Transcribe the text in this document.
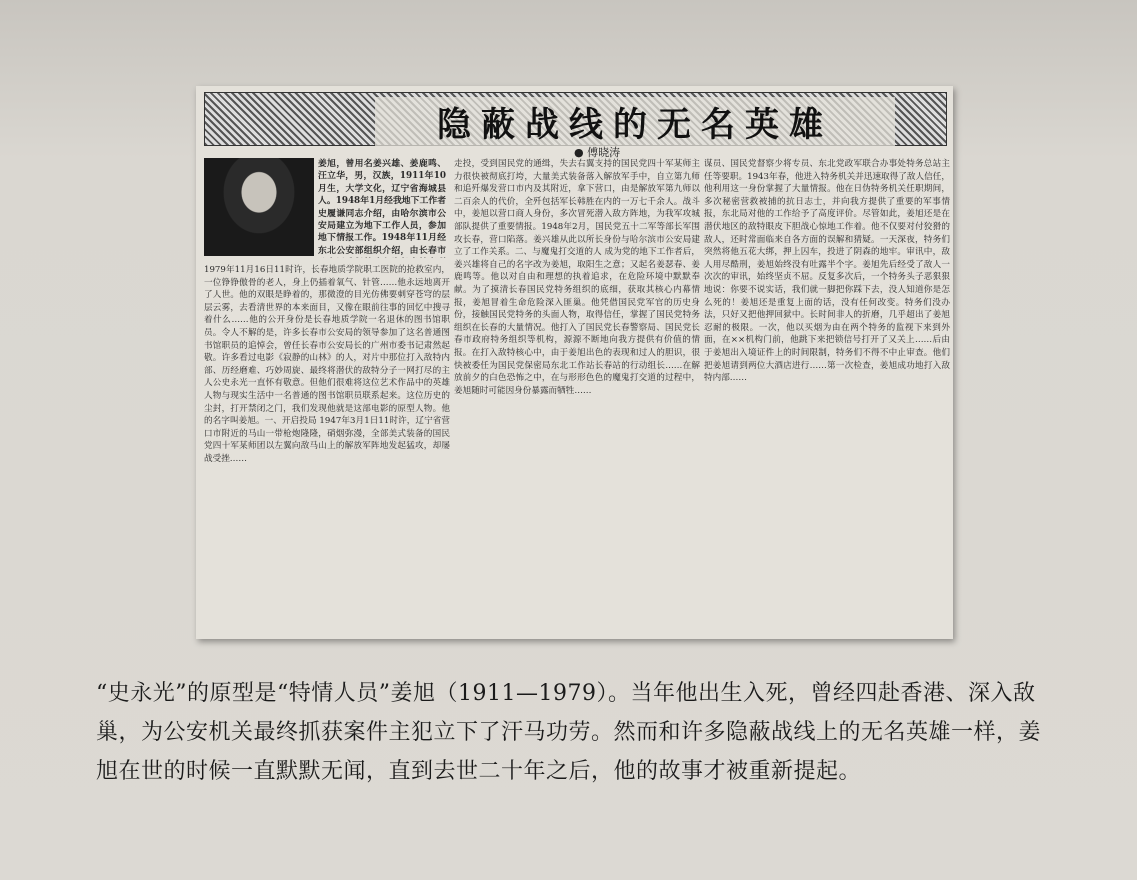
隐蔽战线的无名英雄
● 傅晓涛

姜旭，曾用名姜兴雄、姜鹿鸣、汪立华，男，汉族，1911年10月生，大学文化，辽宁省海城县人。1948年1月经我地下工作者史履谦同志介绍，由哈尔滨市公安局建立为地下工作人员，参加地下情报工作。1948年11月经东北公安部组织介绍，由长春市

1979年11月16日11时许，长春地质学院职工医院的抢救室内，一位铮铮傲骨的老人，身上仍插着氧气、针管……他永远地离开了人世。他的双眼是睁着的，那微澄的目光仿佛要刺穿苍穹的层层云雾，去看清世界的本来面目，又像在眼前往事的回忆中搜寻着什么……他的公开身份是长春地质学院一名退休的图书馆职员。令人不解的是，许多长春市公安局的领导参加了这名普通图书馆职员的追悼会，曾任长春市公安局长的广州市委书记肃然起敬。许多看过电影《寂静的山林》的人，对片中那位打入敌特内部、历经磨难、巧妙周旋、最终将潜伏的敌特分子一网打尽的主人公史永光一直怀有敬意。但他们很难将这位艺术作品中的英雄人物与现实生活中一名普通的图书馆职员联系起来。这位历史的尘封，打开禁闭之门，我们发现他就是这部电影的原型人物。他的名字叫姜旭。一、开启投局 1947年3月1日11时许，辽宁省营口市附近的马山一带枪炮隆隆，硝烟弥漫，全部美式装备的国民党四十军某师团以左翼向敌马山上的解放军阵地发起猛攻，却屡战受挫……

走投，受到国民党的通缉，失去右翼支持的国民党四十军某师主力很快被彻底打垮，大量美式装备落入解放军手中，自立第九师和追歼爆发营口市内及其附近，拿下营口，由是解放军第九师以二百余人的代价，全歼包括军长韩胜在内的一万七千余人。战斗中，姜旭以营口商人身份，多次冒死潜入敌方阵地，为我军攻城部队提供了重要情报。1948年2月，国民党五十二军等部长军围攻长春，营口陷落。姜兴雄从此以所长身份与哈尔滨市公安局建立了工作关系。二、与魔鬼打交道的人 成为党的地下工作者后，姜兴雄将自己的名字改为姜旭，取阳生之意；又起名姜瑟春、姜鹿鸣等。他以对自由和理想的执着追求，在危险环境中默默奉献。为了摸清长春国民党特务组织的底细，获取其核心内幕情报，姜旭冒着生命危险深入匪巢。他凭借国民党军官的历史身份，接触国民党特务的头面人物，取得信任，掌握了国民党特务组织在长春的大量情况。他打入了国民党长春警察局、国民党长春市政府特务组织等机构，源源不断地向我方提供有价值的情报。在打入敌特核心中，由于姜旭出色的表现和过人的胆识，很快被委任为国民党保密局东北工作站长春站的行动组长……在解放前夕的白色恐怖之中，在与形形色色的魔鬼打交道的过程中，姜旭随时可能因身份暴露而牺牲……

谋员、国民党督察少将专员、东北党政军联合办事处特务总站主任等要职。1943年春，他进入特务机关并迅速取得了敌人信任，他利用这一身份掌握了大量情报。他在日伪特务机关任职期间，多次秘密营救被捕的抗日志士，并向我方提供了重要的军事情报，东北局对他的工作给予了高度评价。尽管如此，姜旭还是在潜伏地区的敌特眼皮下胆战心惊地工作着。他不仅要对付狡猾的敌人，还时常面临来自各方面的误解和猜疑。一天深夜，特务们突然将他五花大绑，押上囚车，投进了阴森的地牢。审讯中，敌人用尽酷刑，姜旭始终没有吐露半个字。姜旭先后经受了敌人一次次的审讯，始终坚贞不屈。反复多次后，一个特务头子恶狠狠地说：你要不说实话，我们就一脚把你踩下去，没人知道你是怎么死的！姜旭还是重复上面的话，没有任何改变。特务们没办法，只好又把他押回狱中。长时间非人的折磨，几乎超出了姜旭忍耐的极限。一次，他以买烟为由在两个特务的监视下来到外面，在××机构门前，他跳下来把锁信号打开了又关上……后由于姜旭出入境证件上的时间限制，特务们不得不中止审查。他们把姜旭请到两位大酒店进行……第一次检查，姜旭成功地打入敌特内部……

“史永光”的原型是“特情人员”姜旭（1911—1979）。当年他出生入死，曾经四赴香港、深入敌巢，为公安机关最终抓获案件主犯立下了汗马功劳。然而和许多隐蔽战线上的无名英雄一样，姜旭在世的时候一直默默无闻，直到去世二十年之后，他的故事才被重新提起。
